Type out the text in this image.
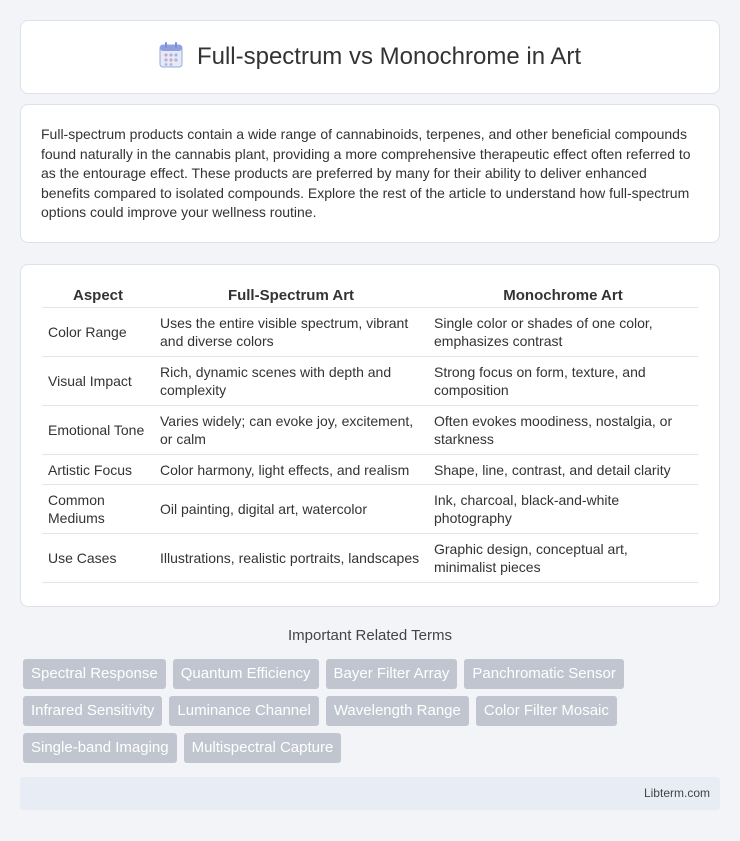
Full-spectrum vs Monochrome in Art

Full-spectrum products contain a wide range of cannabinoids, terpenes, and other beneficial compounds found naturally in the cannabis plant, providing a more comprehensive therapeutic effect often referred to as the entourage effect. These products are preferred by many for their ability to deliver enhanced benefits compared to isolated compounds. Explore the rest of the article to understand how full-spectrum options could improve your wellness routine.

Aspect	Full-Spectrum Art	Monochrome Art
Color Range	Uses the entire visible spectrum, vibrant and diverse colors	Single color or shades of one color, emphasizes contrast
Visual Impact	Rich, dynamic scenes with depth and complexity	Strong focus on form, texture, and composition
Emotional Tone	Varies widely; can evoke joy, excitement, or calm	Often evokes moodiness, nostalgia, or starkness
Artistic Focus	Color harmony, light effects, and realism	Shape, line, contrast, and detail clarity
Common Mediums	Oil painting, digital art, watercolor	Ink, charcoal, black-and-white photography
Use Cases	Illustrations, realistic portraits, landscapes	Graphic design, conceptual art, minimalist pieces
Important Related Terms
Spectral Response	Quantum Efficiency	Bayer Filter Array	Panchromatic Sensor
Infrared Sensitivity	Luminance Channel	Wavelength Range	Color Filter Mosaic
Single-band Imaging	Multispectral Capture
Libterm.com
